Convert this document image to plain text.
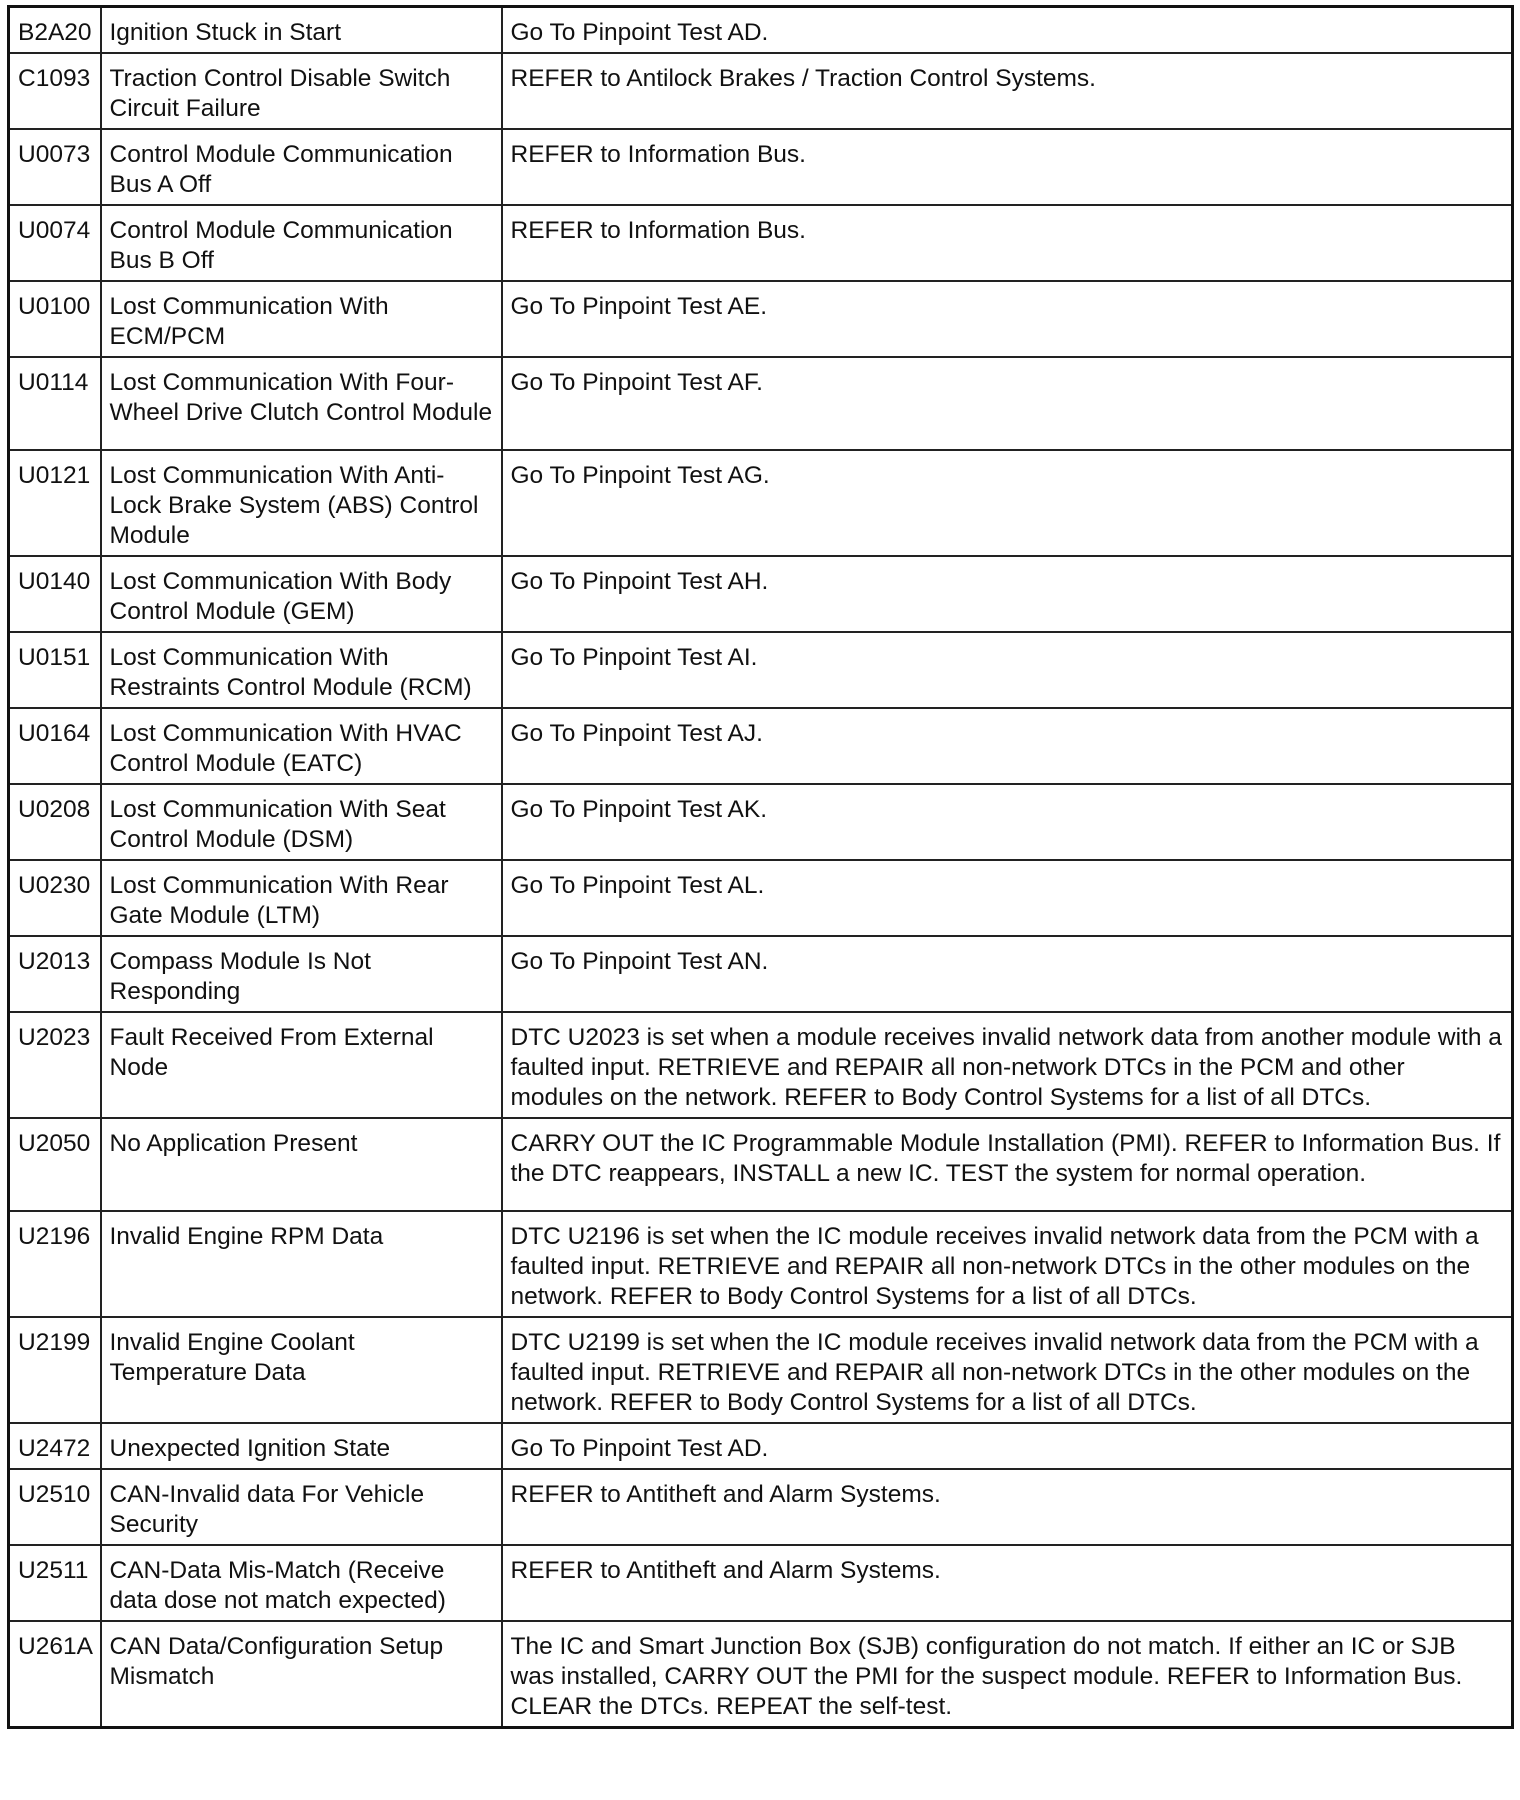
B2A20	Ignition Stuck in Start	Go To Pinpoint Test AD.
C1093	Traction Control Disable Switch Circuit Failure	REFER to Antilock Brakes / Traction Control Systems.
U0073	Control Module Communication Bus A Off	REFER to Information Bus.
U0074	Control Module Communication Bus B Off	REFER to Information Bus.
U0100	Lost Communication With ECM/PCM	Go To Pinpoint Test AE.
U0114	Lost Communication With Four-Wheel Drive Clutch Control Module	Go To Pinpoint Test AF.
U0121	Lost Communication With Anti-Lock Brake System (ABS) Control Module	Go To Pinpoint Test AG.
U0140	Lost Communication With Body Control Module (GEM)	Go To Pinpoint Test AH.
U0151	Lost Communication With Restraints Control Module (RCM)	Go To Pinpoint Test AI.
U0164	Lost Communication With HVAC Control Module (EATC)	Go To Pinpoint Test AJ.
U0208	Lost Communication With Seat Control Module (DSM)	Go To Pinpoint Test AK.
U0230	Lost Communication With Rear Gate Module (LTM)	Go To Pinpoint Test AL.
U2013	Compass Module Is Not Responding	Go To Pinpoint Test AN.
U2023	Fault Received From External Node	DTC U2023 is set when a module receives invalid network data from another module with a faulted input. RETRIEVE and REPAIR all non-network DTCs in the PCM and other modules on the network. REFER to Body Control Systems for a list of all DTCs.
U2050	No Application Present	CARRY OUT the IC Programmable Module Installation (PMI). REFER to Information Bus. If the DTC reappears, INSTALL a new IC. TEST the system for normal operation.
U2196	Invalid Engine RPM Data	DTC U2196 is set when the IC module receives invalid network data from the PCM with a faulted input. RETRIEVE and REPAIR all non-network DTCs in the other modules on the network. REFER to Body Control Systems for a list of all DTCs.
U2199	Invalid Engine Coolant Temperature Data	DTC U2199 is set when the IC module receives invalid network data from the PCM with a faulted input. RETRIEVE and REPAIR all non-network DTCs in the other modules on the network. REFER to Body Control Systems for a list of all DTCs.
U2472	Unexpected Ignition State	Go To Pinpoint Test AD.
U2510	CAN-Invalid data For Vehicle Security	REFER to Antitheft and Alarm Systems.
U2511	CAN-Data Mis-Match (Receive data dose not match expected)	REFER to Antitheft and Alarm Systems.
U261A	CAN Data/Configuration Setup Mismatch	The IC and Smart Junction Box (SJB) configuration do not match. If either an IC or SJB was installed, CARRY OUT the PMI for the suspect module. REFER to Information Bus. CLEAR the DTCs. REPEAT the self-test.
